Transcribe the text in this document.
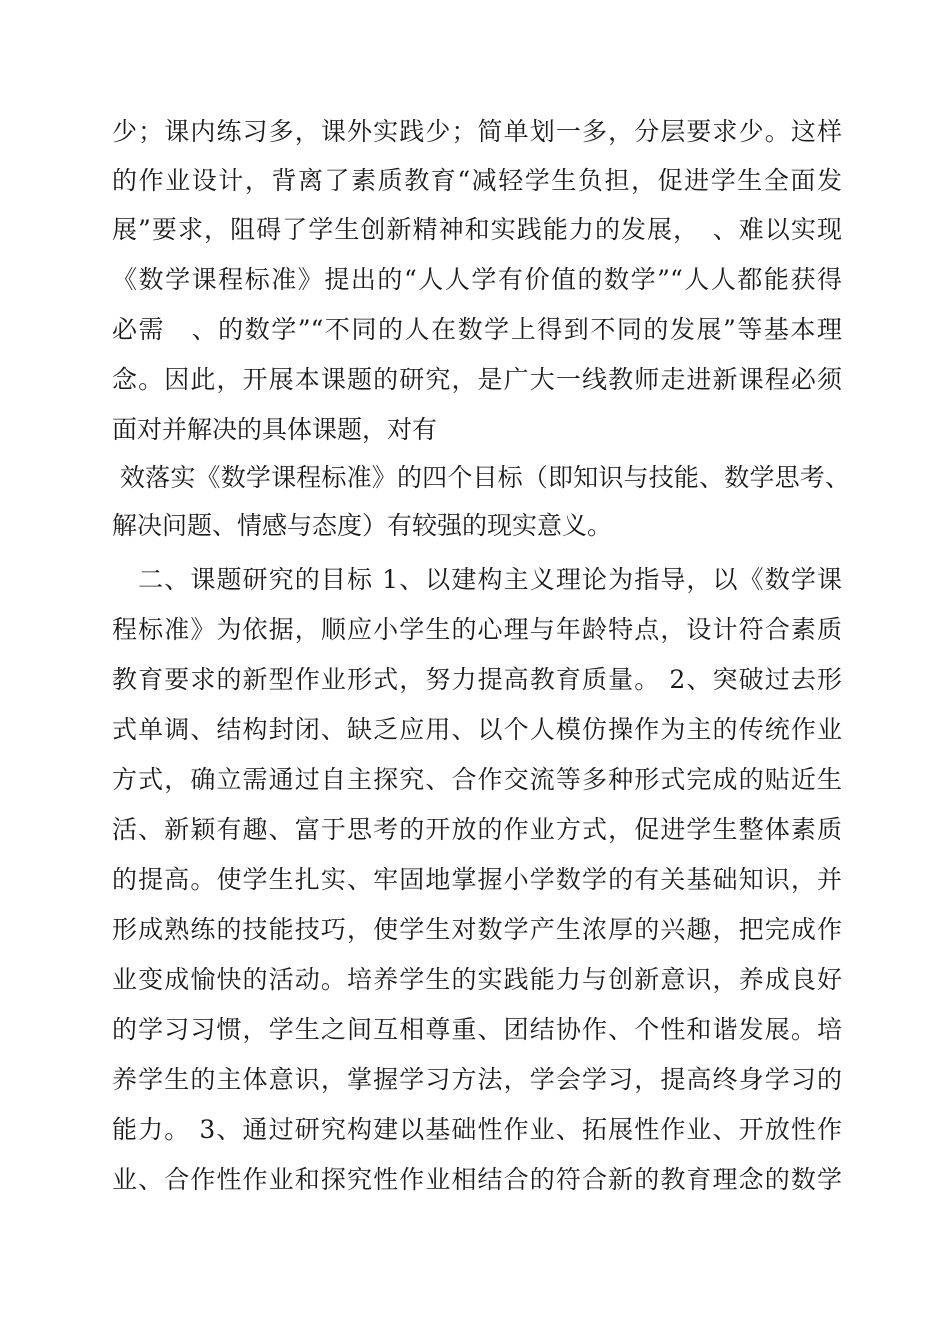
少；课内练习多，课外实践少；简单划一多，分层要求少。这样
的作业设计，背离了素质教育“减轻学生负担，促进学生全面发
展”要求，阻碍了学生创新精神和实践能力的发展，　、难以实现
《数学课程标准》提出的“人人学有价值的数学”“人人都能获得
必需　、的数学”“不同的人在数学上得到不同的发展”等基本理
念。因此，开展本课题的研究，是广大一线教师走进新课程必须
面对并解决的具体课题，对有
效落实《数学课程标准》的四个目标（即知识与技能、数学思考、
解决问题、情感与态度）有较强的现实意义。
　二、课题研究的目标 1、以建构主义理论为指导，以《数学课
程标准》为依据，顺应小学生的心理与年龄特点，设计符合素质
教育要求的新型作业形式，努力提高教育质量。 2、突破过去形
式单调、结构封闭、缺乏应用、以个人模仿操作为主的传统作业
方式，确立需通过自主探究、合作交流等多种形式完成的贴近生
活、新颖有趣、富于思考的开放的作业方式，促进学生整体素质
的提高。使学生扎实、牢固地掌握小学数学的有关基础知识，并
形成熟练的技能技巧，使学生对数学产生浓厚的兴趣，把完成作
业变成愉快的活动。培养学生的实践能力与创新意识，养成良好
的学习习惯，学生之间互相尊重、团结协作、个性和谐发展。培
养学生的主体意识，掌握学习方法，学会学习，提高终身学习的
能力。 3、通过研究构建以基础性作业、拓展性作业、开放性作
业、合作性作业和探究性作业相结合的符合新的教育理念的数学
